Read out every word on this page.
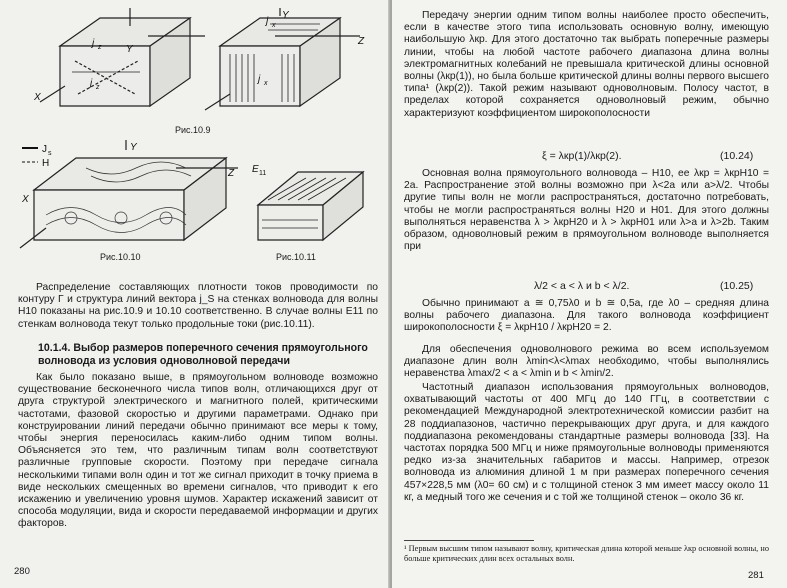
j z Y
j z
X
j x
j x
Z
Y
Рис.10.9
J s
H
Z
X
Y
Рис.10.10
E 11
Рис.10.11

Распределение составляющих плотности токов проводимости по контуру Γ и структура линий вектора j_S на стенках волновода для волны H10 показаны на рис.10.9 и 10.10 соответственно. В случае волны E11 по стенкам волновода текут только продольные токи (рис.10.11).

10.1.4. Выбор размеров поперечного сечения прямоугольного волновода из условия одноволновой передачи

Как было показано выше, в прямоугольном волноводе возможно существование бесконечного числа типов волн, отличающихся друг от друга структурой электрического и магнитного полей, критическими частотами, фазовой скоростью и другими параметрами. Однако при конструировании линий передачи обычно принимают все меры к тому, чтобы энергия переносилась каким-либо одним типом волны. Объясняется это тем, что различным типам волн соответствуют различные групповые скорости. Поэтому при передаче сигнала несколькими типами волн один и тот же сигнал приходит в точку приема в виде нескольких смещенных во времени сигналов, что приводит к его искажению и увеличению уровня шумов. Характер искажений зависит от способа модуляции, вида и скорости передаваемой информации и других факторов.

280

Передачу энергии одним типом волны наиболее просто обеспечить, если в качестве этого типа использовать основную волну, имеющую наибольшую λкр. Для этого достаточно так выбрать поперечные размеры линии, чтобы на любой частоте рабочего диапазона длина волны электромагнитных колебаний не превышала критической длины основной волны (λкр(1)), но была больше критической длины волны первого высшего типа¹ (λкр(2)). Такой режим называют одноволновым. Полосу частот, в пределах которой сохраняется одноволновый режим, обычно характеризуют коэффициентом широкополосности

ξ = λкр(1)/λкр(2).	(10.24)

Основная волна прямоугольного волновода – H10, ее λкр = λкрH10 = 2a. Распространение этой волны возможно при λ<2a или a>λ/2. Чтобы другие типы волн не могли распространяться, достаточно потребовать, чтобы не могли распространяться волны H20 и H01. Для этого должны выполняться неравенства λ > λкрH20 и λ > λкрH01 или λ>a и λ>2b. Таким образом, одноволновый режим в прямоугольном волноводе выполняется при

λ/2 < a < λ и b < λ/2.	(10.25)

Обычно принимают a ≅ 0,75λ0 и b ≅ 0,5a, где λ0 – средняя длина волны рабочего диапазона. Для такого волновода коэффициент широкополосности ξ = λкрH10 / λкрH20 = 2.

Для обеспечения одноволнового режима во всем используемом диапазоне длин волн λmin<λ<λmax необходимо, чтобы выполнялись неравенства λmax/2 < a < λmin и b < λmin/2.

Частотный диапазон использования прямоугольных волноводов, охватывающий частоты от 400 МГц до 140 ГГц, в соответствии с рекомендацией Международной электротехнической комиссии разбит на 28 поддиапазонов, частично перекрывающих друг друга, и для каждого поддиапазона рекомендованы стандартные размеры волновода [33]. На частотах порядка 500 МГц и ниже прямоугольные волноводы применяются редко из-за значительных габаритов и массы. Например, отрезок волновода из алюминия длиной 1 м при размерах поперечного сечения 457×228,5 мм (λ0= 60 см) и с толщиной стенок 3 мм имеет массу около 11 кг, а медный того же сечения и с той же толщиной стенок – около 36 кг.

¹ Первым высшим типом называют волну, критическая длина которой меньше λкр основной волны, но больше критических длин всех остальных волн.
281
